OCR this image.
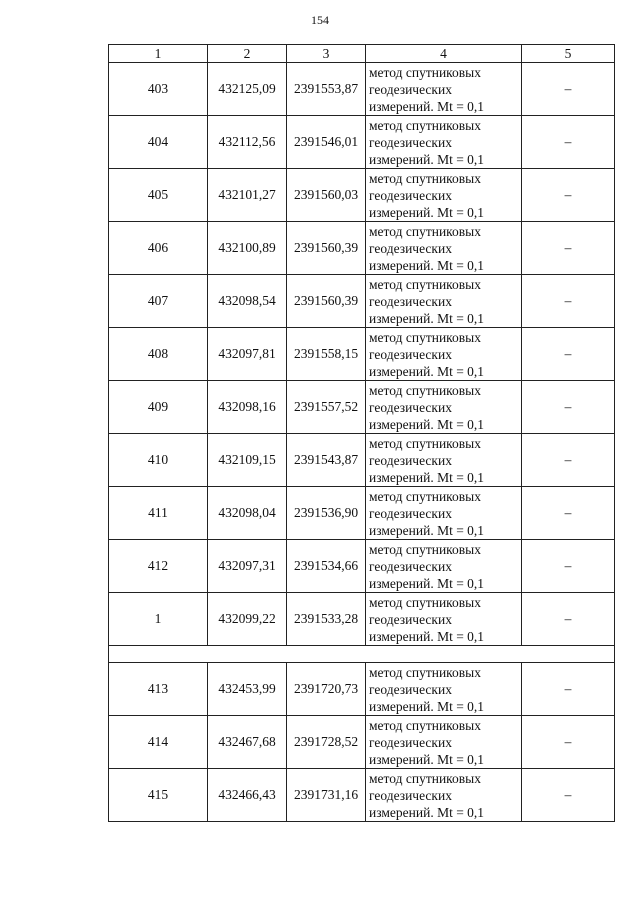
154
1	2	3	4	5
403	432125,09	2391553,87	метод спутниковых
геодезических
измерений. Mt = 0,1	–
404	432112,56	2391546,01	метод спутниковых
геодезических
измерений. Mt = 0,1	–
405	432101,27	2391560,03	метод спутниковых
геодезических
измерений. Mt = 0,1	–
406	432100,89	2391560,39	метод спутниковых
геодезических
измерений. Mt = 0,1	–
407	432098,54	2391560,39	метод спутниковых
геодезических
измерений. Mt = 0,1	–
408	432097,81	2391558,15	метод спутниковых
геодезических
измерений. Mt = 0,1	–
409	432098,16	2391557,52	метод спутниковых
геодезических
измерений. Mt = 0,1	–
410	432109,15	2391543,87	метод спутниковых
геодезических
измерений. Mt = 0,1	–
411	432098,04	2391536,90	метод спутниковых
геодезических
измерений. Mt = 0,1	–
412	432097,31	2391534,66	метод спутниковых
геодезических
измерений. Mt = 0,1	–
1	432099,22	2391533,28	метод спутниковых
геодезических
измерений. Mt = 0,1	–

413	432453,99	2391720,73	метод спутниковых
геодезических
измерений. Mt = 0,1	–
414	432467,68	2391728,52	метод спутниковых
геодезических
измерений. Mt = 0,1	–
415	432466,43	2391731,16	метод спутниковых
геодезических
измерений. Mt = 0,1	–
